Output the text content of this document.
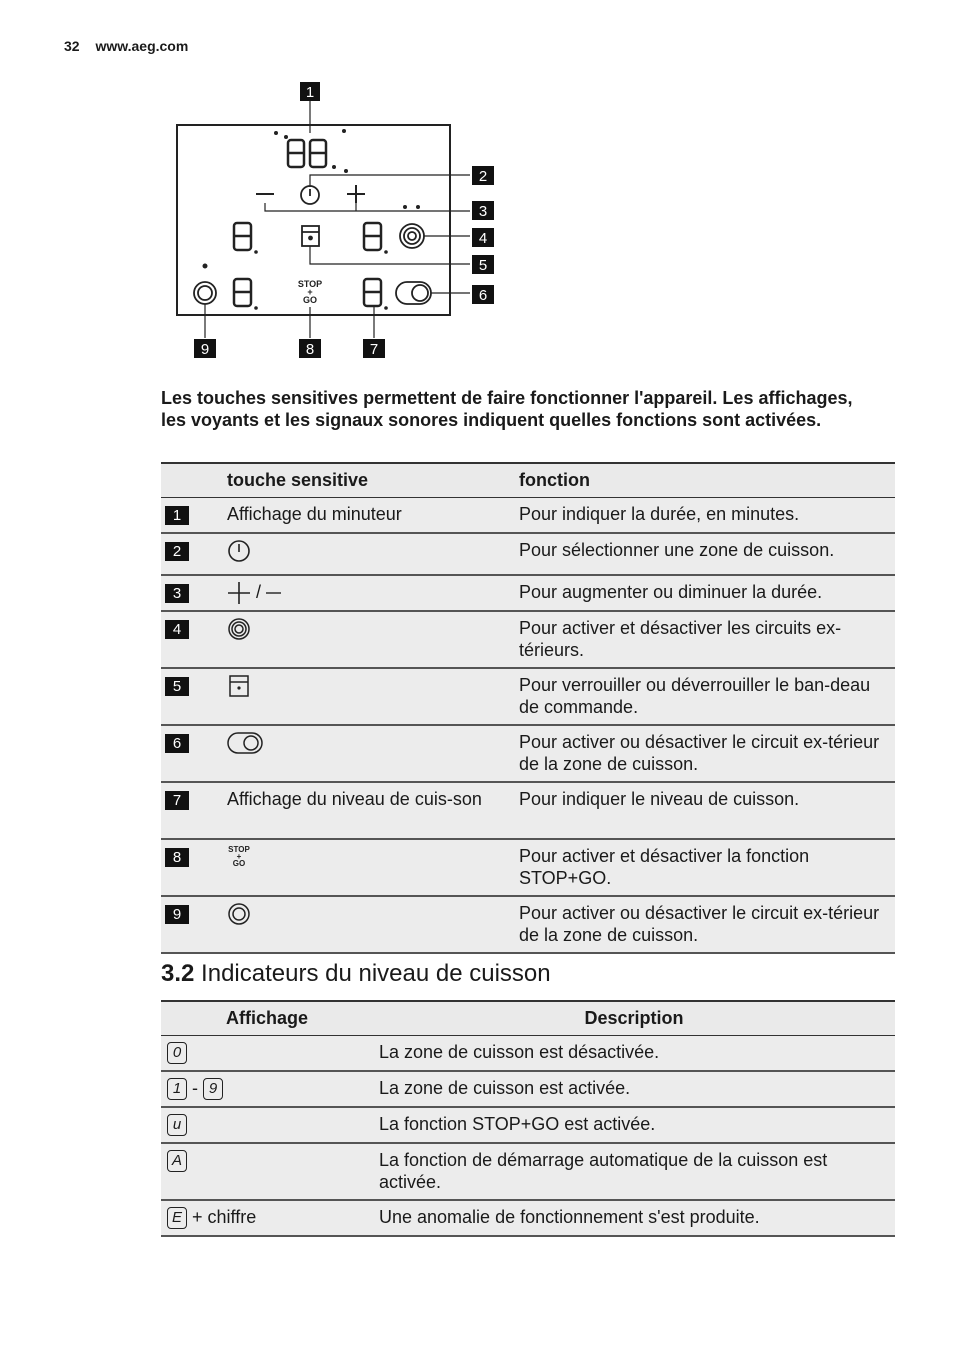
32 www.aeg.com
STOP
+
GO
1
2
3
4
5
6
7
8
9
Les touches sensitives permettent de faire fonctionner l'appareil. Les affichages, les voyants et les signaux sonores indiquent quelles fonctions sont activées.
	touche sensitive	fonction
1	Affichage du minuteur	Pour indiquer la durée, en minutes.
2		Pour sélectionner une zone de cuisson.
3	/	Pour augmenter ou diminuer la durée.
4		Pour activer et désactiver les circuits ex-térieurs.
5		Pour verrouiller ou déverrouiller le ban-deau de commande.
6		Pour activer ou désactiver le circuit ex-térieur de la zone de cuisson.
7	Affichage du niveau de cuis-son	Pour indiquer le niveau de cuisson.
8	STOP
+
GO	Pour activer et désactiver la fonction STOP+GO.
9		Pour activer ou désactiver le circuit ex-térieur de la zone de cuisson.
3.2 Indicateurs du niveau de cuisson
Affichage	Description
0	La zone de cuisson est désactivée.
1 - 9	La zone de cuisson est activée.
u	La fonction STOP+GO est activée.
A	La fonction de démarrage automatique de la cuisson est activée.
E + chiffre	Une anomalie de fonctionnement s'est produite.
